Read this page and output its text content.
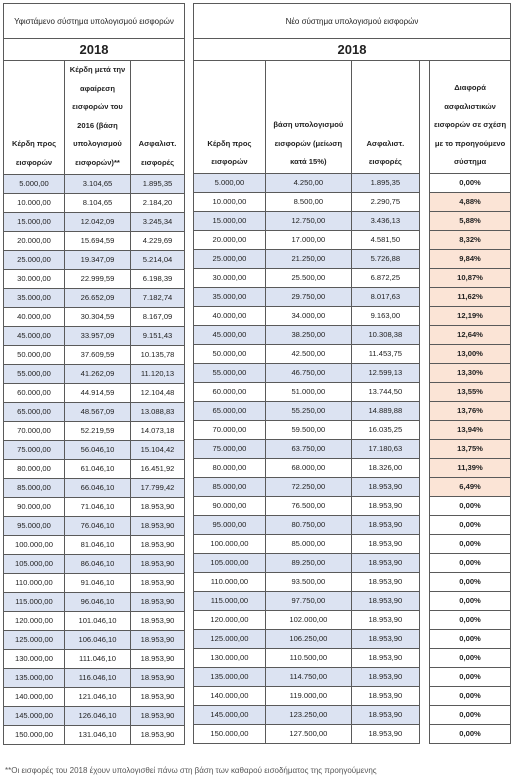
Υφιστάμενο σύστημα υπολογισμού εισφορών		
2018		
Κέρδη προς εισφορών	Κέρδη μετά την αφαίρεση εισφορών του 2016 (βάση υπολογισμού εισφορών)**	Ασφαλιστ. εισφορές
5.000,00	3.104,65	1.895,35
10.000,00	8.104,65	2.184,20
15.000,00	12.042,09	3.245,34
20.000,00	15.694,59	4.229,69
25.000,00	19.347,09	5.214,04
30.000,00	22.999,59	6.198,39
35.000,00	26.652,09	7.182,74
40.000,00	30.304,59	8.167,09
45.000,00	33.957,09	9.151,43
50.000,00	37.609,59	10.135,78
55.000,00	41.262,09	11.120,13
60.000,00	44.914,59	12.104,48
65.000,00	48.567,09	13.088,83
70.000,00	52.219,59	14.073,18
75.000,00	56.046,10	15.104,42
80.000,00	61.046,10	16.451,92
85.000,00	66.046,10	17.799,42
90.000,00	71.046,10	18.953,90
95.000,00	76.046,10	18.953,90
100.000,00	81.046,10	18.953,90
105.000,00	86.046,10	18.953,90
110.000,00	91.046,10	18.953,90
115.000,00	96.046,10	18.953,90
120.000,00	101.046,10	18.953,90
125.000,00	106.046,10	18.953,90
130.000,00	111.046,10	18.953,90
135.000,00	116.046,10	18.953,90
140.000,00	121.046,10	18.953,90
145.000,00	126.046,10	18.953,90
150.000,00	131.046,10	18.953,90
Νέο σύστημα υπολογισμού εισφορών				
2018				
Κέρδη προς εισφορών	βάση υπολογισμού εισφορών (μείωση κατά 15%)	Ασφαλιστ. εισφορές		Διαφορά ασφαλιστικών εισφορών σε σχέση με το προηγούμενο σύστημα
5.000,00	4.250,00	1.895,35		0,00%
10.000,00	8.500,00	2.290,75		4,88%
15.000,00	12.750,00	3.436,13		5,88%
20.000,00	17.000,00	4.581,50		8,32%
25.000,00	21.250,00	5.726,88		9,84%
30.000,00	25.500,00	6.872,25		10,87%
35.000,00	29.750,00	8.017,63		11,62%
40.000,00	34.000,00	9.163,00		12,19%
45.000,00	38.250,00	10.308,38		12,64%
50.000,00	42.500,00	11.453,75		13,00%
55.000,00	46.750,00	12.599,13		13,30%
60.000,00	51.000,00	13.744,50		13,55%
65.000,00	55.250,00	14.889,88		13,76%
70.000,00	59.500,00	16.035,25		13,94%
75.000,00	63.750,00	17.180,63		13,75%
80.000,00	68.000,00	18.326,00		11,39%
85.000,00	72.250,00	18.953,90		6,49%
90.000,00	76.500,00	18.953,90		0,00%
95.000,00	80.750,00	18.953,90		0,00%
100.000,00	85.000,00	18.953,90		0,00%
105.000,00	89.250,00	18.953,90		0,00%
110.000,00	93.500,00	18.953,90		0,00%
115.000,00	97.750,00	18.953,90		0,00%
120.000,00	102.000,00	18.953,90		0,00%
125.000,00	106.250,00	18.953,90		0,00%
130.000,00	110.500,00	18.953,90		0,00%
135.000,00	114.750,00	18.953,90		0,00%
140.000,00	119.000,00	18.953,90		0,00%
145.000,00	123.250,00	18.953,90		0,00%
150.000,00	127.500,00	18.953,90		0,00%
**Οι εισφορές του 2018 έχουν υπολογισθεί πάνω στη βάση των καθαρού εισοδήματος της προηγούμενης
